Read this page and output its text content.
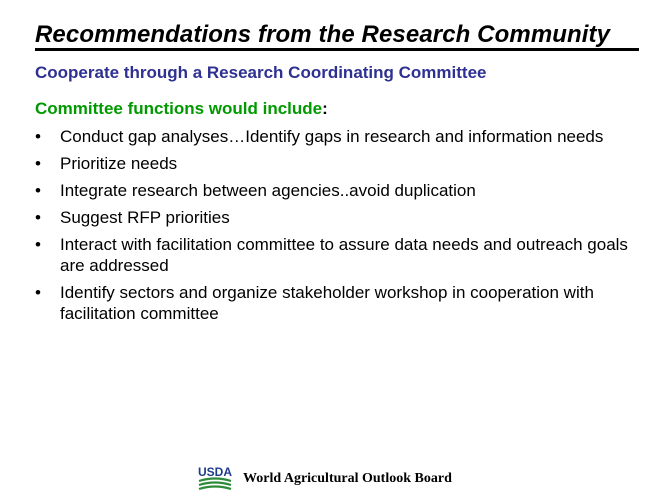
Recommendations from the Research Community
Cooperate through a Research Coordinating Committee
Committee functions would include:
•	Conduct gap analyses…Identify gaps in research and information needs
•	Prioritize needs
•	Integrate research between agencies..avoid duplication
•	Suggest RFP priorities
•	Interact with facilitation committee to assure data needs and outreach goals are addressed
•	Identify sectors and organize stakeholder workshop in cooperation with facilitation committee
USDA World Agricultural Outlook Board
